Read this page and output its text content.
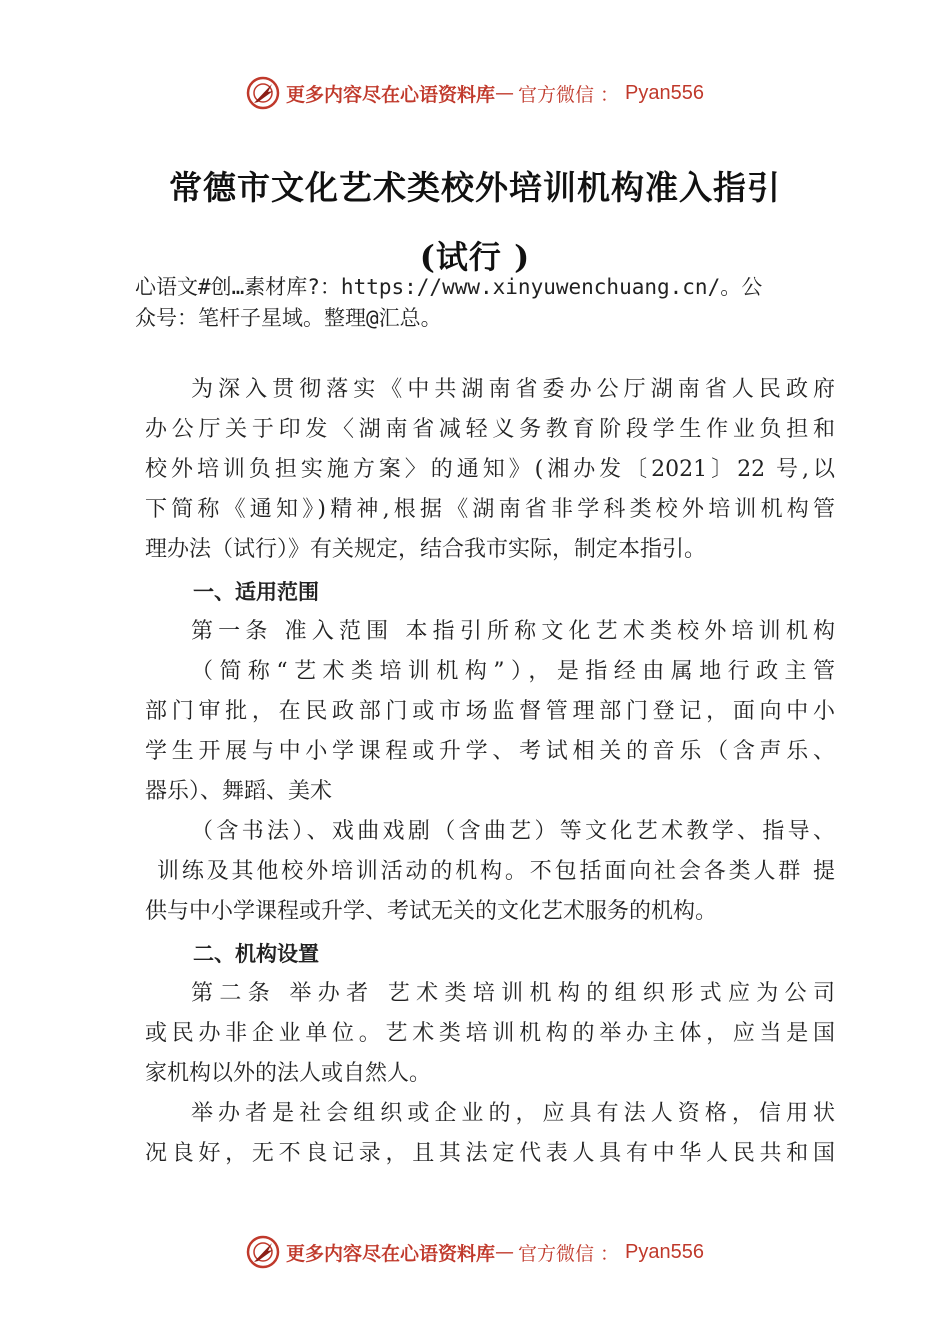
更多内容尽在心语资料库 — 官方微信 ： Pyan556
常德市文化艺术类校外培训机构准入指引
(试行 )
心语文#创…素材库?：https://www.xinyuwenchuang.cn/。公
众号：笔杆子星域。整理@汇总。

为深入贯彻落实《中共湖南省委办公厅湖南省人民政府

办公厅关于印发〈湖南省减轻义务教育阶段学生作业负担和

校外培训负担实施方案〉的通知》(湘办发〔2021〕22 号,以

下简称《通知》)精神,根据《湖南省非学科类校外培训机构管

理办法（试行）》有关规定，结合我市实际，制定本指引。

一、适用范围

第一条 准入范围 本指引所称文化艺术类校外培训机构

（简称“艺术类培训机构”），是指经由属地行政主管

部门审批，在民政部门或市场监督管理部门登记，面向中小

学生开展与中小学课程或升学、考试相关的音乐（含声乐、

器乐）、舞蹈、美术

（含书法）、戏曲戏剧（含曲艺）等文化艺术教学、指导、

训练及其他校外培训活动的机构。不包括面向社会各类人群 提

供与中小学课程或升学、考试无关的文化艺术服务的机构。

二、机构设置

第二条 举办者 艺术类培训机构的组织形式应为公司

或民办非企业单位。艺术类培训机构的举办主体，应当是国

家机构以外的法人或自然人。

举办者是社会组织或企业的，应具有法人资格，信用状

况良好，无不良记录，且其法定代表人具有中华人民共和国

更多内容尽在心语资料库 — 官方微信 ： Pyan556
